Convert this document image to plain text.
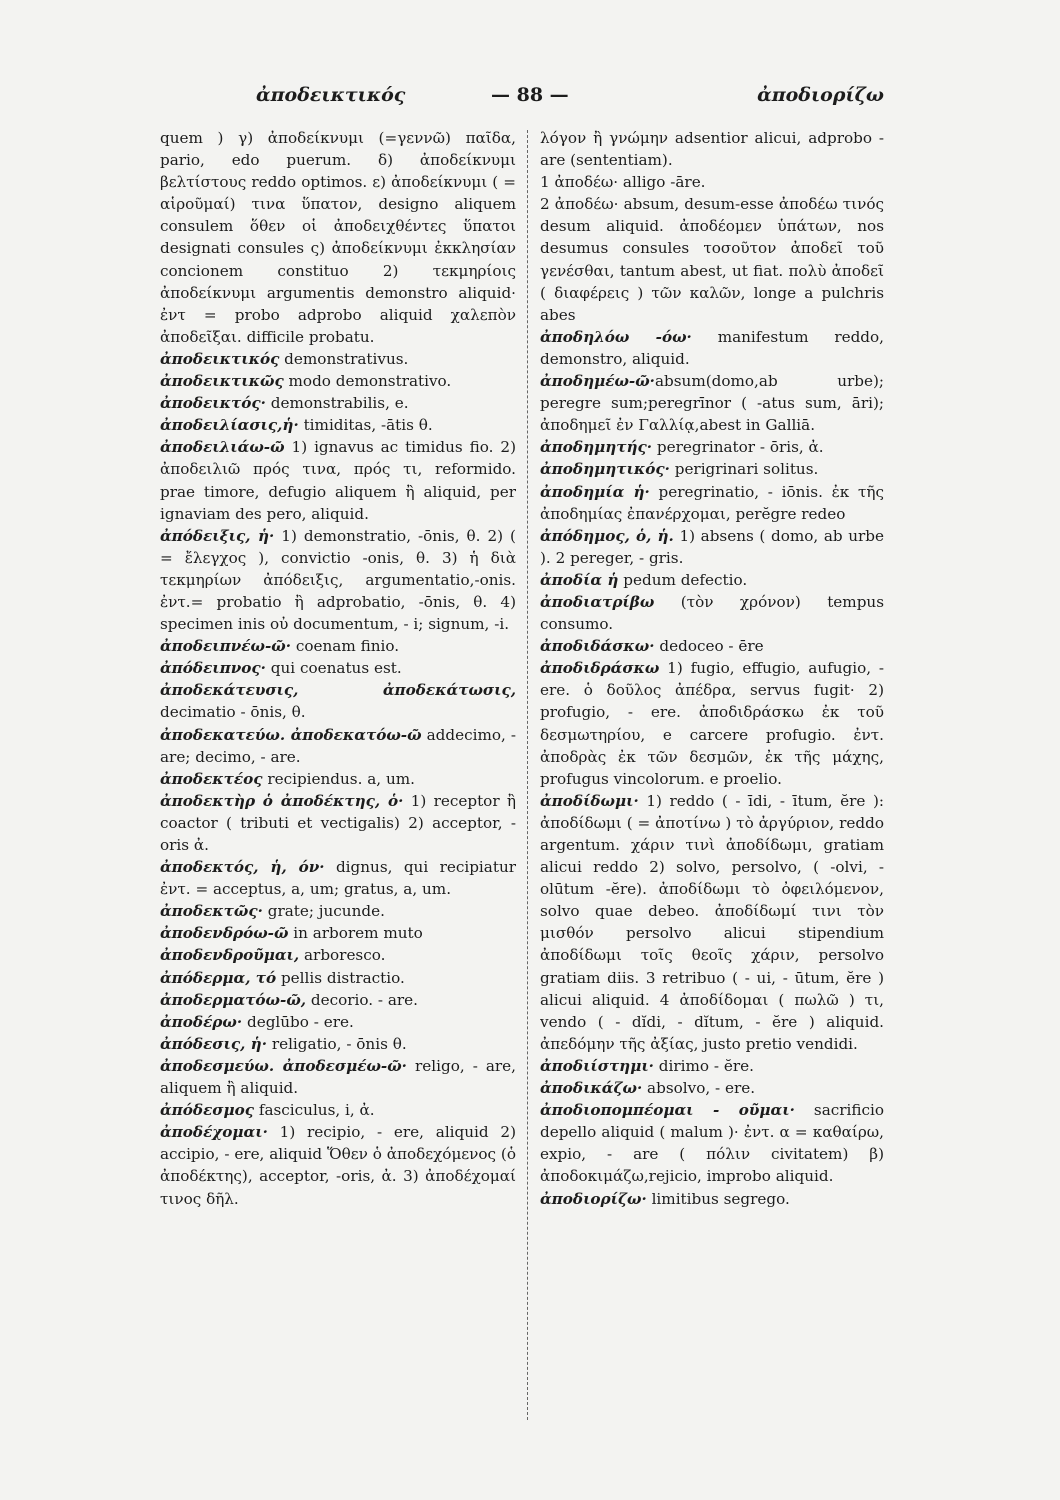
ἀποδεικτικός	— 88 —	ἀποδιορίζω

quem ) γ) ἀποδείκνυμι (=γεννῶ) παῖδα, pario, edo puerum. δ) ἀποδείκνυμι βελτίστους reddo optimos. ε) ἀποδείκνυμι ( = αἱροῦμαί) τινα ὕπατον, designo aliquem consulem ὅθεν οἱ ἀποδειχθέντες ὕπατοι designati consules ς) ἀποδείκνυμι ἐκκλησίαν concionem constituo 2) τεκμηρίοις ἀποδείκνυμι argumentis demonstro aliquid· ἐντ = probo adprobo aliquid χαλεπὸν ἀποδεῖξαι. difficile probatu.

ἀποδεικτικός demonstrativus.

ἀποδεικτικῶς modo demonstrativo.

ἀποδεικτός· demonstrabilis, e.

ἀποδειλίασις,ἡ· timiditas, -ātis θ.

ἀποδειλιάω-ῶ 1) ignavus ac timidus fio. 2) ἀποδειλιῶ πρός τινα, πρός τι, reformido. prae timore, defugio aliquem ἢ aliquid, per ignaviam des pero, aliquid.

ἀπόδειξις, ἡ· 1) demonstratio, -ōnis, θ. 2) ( = ἔλεγχος ), convictio -onis, θ. 3) ἡ διὰ τεκμηρίων ἀπόδειξις, argumentatio,-onis. ἐντ.= probatio ἢ adprobatio, -ōnis, θ. 4) specimen inis οὐ documentum, - i; signum, -i.

ἀποδειπνέω-ῶ· coenam finio.

ἀπόδειπνος· qui coenatus est.

ἀποδεκάτευσις, ἀποδεκάτωσις, decimatio - ōnis, θ.

ἀποδεκατεύω. ἀποδεκατόω-ῶ addecimo, -are; decimo, - are.

ἀποδεκτέος recipiendus. a, um.

ἀποδεκτὴρ ὁ ἀποδέκτης, ὁ· 1) receptor ἢ coactor ( tributi et vectigalis) 2) acceptor, - oris ἀ.

ἀποδεκτός, ἡ, όν· dignus, qui recipiatur ἐντ. = acceptus, a, um; gratus, a, um.

ἀποδεκτῶς· grate; jucunde.

ἀποδενδρόω-ῶ in arborem muto

ἀποδενδροῦμαι, arboresco.

ἀπόδερμα, τό pellis distractio.

ἀποδερματόω-ῶ, decorio. - are.

ἀποδέρω· deglūbo - ere.

ἀπόδεσις, ἡ· religatio, - ōnis θ.

ἀποδεσμεύω. ἀποδεσμέω-ῶ· religo, - are, aliquem ἢ aliquid.

ἀπόδεσμος fasciculus, i, ἀ.

ἀποδέχομαι· 1) recipio, - ere, aliquid 2) accipio, - ere, aliquid Ὅθεν ὁ ἀποδεχόμενος (ὁ ἀποδέκτης), acceptor, -oris, ἀ. 3) ἀποδέχομαί τινος δῆλ.

λόγον ἢ γνώμην adsentior alicui, adprobo - are (sententiam).

1 ἀποδέω· alligo -āre.

2 ἀποδέω· absum, desum-esse ἀποδέω τινός desum aliquid. ἀποδέομεν ὑπάτων, nos desumus consules τοσοῦτον ἀποδεῖ τοῦ γενέσθαι, tantum abest, ut fiat. πολὺ ἀποδεῖ ( διαφέρεις ) τῶν καλῶν, longe a pulchris abes

ἀποδηλόω -όω· manifestum reddo, demonstro, aliquid.

ἀποδημέω-ῶ·absum(domo,ab urbe); peregre sum;peregrīnor ( -atus sum, āri); ἀποδημεῖ ἐν Γαλλίᾳ,abest in Galliā.

ἀποδημητής· peregrinator - ōris, ἀ.

ἀποδημητικός· perigrinari solitus.

ἀποδημία ἡ· peregrinatio, - iōnis. ἐκ τῆς ἀποδημίας ἐπανέρχομαι, perĕgre redeo

ἀπόδημος, ὁ, ἡ. 1) absens ( domo, ab urbe ). 2 pereger, - gris.

ἀποδία ἡ pedum defectio.

ἀποδιατρίβω (τὸν χρόνον) tempus consumo.

ἀποδιδάσκω· dedoceo - ēre

ἀποδιδράσκω 1) fugio, effugio, aufugio, - ere. ὁ δοῦλος ἀπέδρα, servus fugit· 2) profugio, - ere. ἀποδιδράσκω ἐκ τοῦ δεσμωτηρίου, e carcere profugio. ἐντ. ἀποδρὰς ἐκ τῶν δεσμῶν, ἐκ τῆς μάχης, profugus vincolorum. e proelio.

ἀποδίδωμι· 1) reddo ( - īdi, - ītum, ĕre ): ἀποδίδωμι ( = ἀποτίνω ) τὸ ἀργύριον, reddo argentum. χάριν τινὶ ἀποδίδωμι, gratiam alicui reddo 2) solvo, persolvo, ( -olvi, - olūtum -ĕre). ἀποδίδωμι τὸ ὀφειλόμενον, solvo quae debeo. ἀποδίδωμί τινι τὸν μισθόν persolvo alicui stipendium ἀποδίδωμι τοῖς θεοῖς χάριν, persolvo gratiam diis. 3 retribuo ( - ui, - ūtum, ĕre ) alicui aliquid. 4 ἀποδίδομαι ( πωλῶ ) τι, vendo ( - dĭdi, - dĭtum, - ĕre ) aliquid. ἀπεδόμην τῆς ἀξίας, justo pretio vendidi.

ἀποδιίστημι· dirimo - ĕre.

ἀποδικάζω· absolvo, - ere.

ἀποδιοπομπέομαι - οῦμαι· sacrificio depello aliquid ( malum )· ἐντ. α = καθαίρω, expio, - are ( πόλιν civitatem) β) ἀποδοκιμάζω,rejicio, improbo aliquid.

ἀποδιορίζω· limitibus segrego.
